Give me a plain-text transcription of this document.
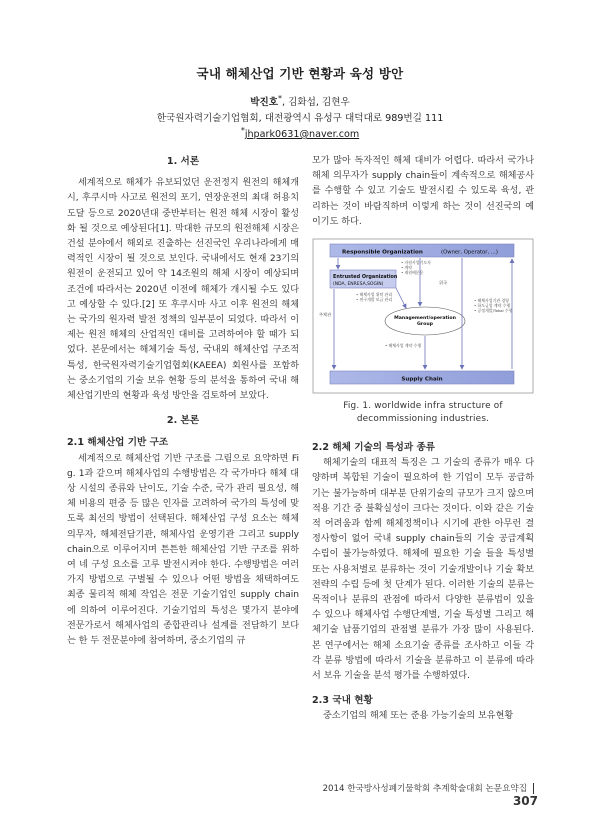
국내 해체산업 기반 현황과 육성 방안
박진호*, 김화섭, 김현우
한국원자력기술기업협회, 대전광역시 유성구 대덕대로 989번길 111
*jhpark0631@naver.com
1. 서론

세계적으로 해체가 유보되었던 운전정지 원전의 해체개시, 후쿠시마 사고로 원전의 포기, 연장운전의 최대 허용치 도달 등으로 2020년대 중반부터는 원전 해체 시장이 활성화 될 것으로 예상된다[1]. 막대한 규모의 원전해체 시장은 건설 분야에서 해외로 진출하는 선진국인 우리나라에게 매력적인 시장이 될 것으로 보인다. 국내에서도 현재 23기의 원전이 운전되고 있어 약 14조원의 해체 시장이 예상되며 조건에 따라서는 2020년 이전에 해체가 개시될 수도 있다고 예상할 수 있다.[2] 또 후쿠시마 사고 이후 원전의 해체는 국가의 원자력 발전 정책의 일부분이 되었다. 따라서 이제는 원전 해체의 산업적인 대비를 고려하여야 할 때가 되었다. 본문에서는 해체기술 특성, 국내외 해체산업 구조적 특성, 한국원자력기술기업협회(KAEEA) 회원사를 포함하는 중소기업의 기술 보유 현황 등의 분석을 통하여 국내 해체산업기반의 현황과 육성 방안을 검토하여 보았다.

2. 본론
2.1 해체산업 기반 구조

세계적으로 해체산업 기반 구조를 그림으로 요약하면 Fig. 1과 같으며 해체사업의 수행방법은 각 국가마다 해체 대상 시설의 종류와 난이도, 기술 수준, 국가 관리 필요성, 해체 비용의 편중 등 많은 인자를 고려하여 국가의 특성에 맞도록 최선의 방법이 선택된다. 해체산업 구성 요소는 해체의무자, 해체전담기관, 해체사업 운영기관 그리고 supply chain으로 이루어지며 튼튼한 해체산업 기반 구조를 위하여 네 구성 요소를 고루 발전시켜야 한다. 수행방법은 여러 가지 방법으로 구별될 수 있으나 어떤 방법을 채택하여도 최종 물리적 해체 작업은 전문 기술기업인 supply chain에 의하여 이루어진다. 기술기업의 특성은 몇가지 분야에 전문가로서 해체사업의 종합관리나 설계를 전담하기 보다는 한 두 전문분야에 참여하며, 중소기업의 규

모가 많아 독자적인 해체 대비가 어렵다. 따라서 국가나 해체 의무자가 supply chain들이 계속적으로 해체공사를 수행할 수 있고 기술도 발전시킬 수 있도록 육성, 관리하는 것이 바람직하며 이렇게 하는 것이 선진국의 예이기도 하다.

Responsible Organization	(Owner, Operator, ...)
Entrusted Organization
(NDA, ENRESA,SOGIN)
• 자원사업기도자
• 계약
• 재원배분운
• 해체사업 위탁 관리
• 연구개발 보급 관리
Management/operation
Group
• 해체사업 계약 수행
• 해체사업기관 경영
• 하도급업 계약 수행
• 공정개발/Tokai 수행
주체관
위국
Supply Chain
Fig. 1. worldwide infra structure of
decommissioning industries.
2.2 해체 기술의 특성과 종류

해체기술의 대표적 특징은 그 기술의 종류가 매우 다양하며 복합된 기술이 필요하여 한 기업이 모두 공급하기는 불가능하며 대부분 단위기술의 규모가 크지 않으며 적용 기간 중 불확실성이 크다는 것이다. 이와 같은 기술적 어려움과 함께 해체정책이나 시기에 관한 아무런 결정사항이 없어 국내 supply chain들의 기술 공급계획 수립이 불가능하였다. 해체에 필요한 기술 들을 특성별 또는 사용처별로 분류하는 것이 기술개발이나 기술 확보전략의 수립 등에 첫 단계가 된다. 이러한 기술의 분류는 목적이나 분류의 관점에 따라서 다양한 분류법이 있을 수 있으나 해체사업 수행단계별, 기술 특성별 그리고 해체기술 납품기업의 관점별 분류가 가장 많이 사용된다. 본 연구에서는 해체 소요기술 종류를 조사하고 이들 각각 분류 방법에 따라서 기술을 분류하고 이 분류에 따라서 보유 기술을 분석 평가를 수행하였다.

2.3 국내 현황

중소기업의 해체 또는 준용 가능기술의 보유현황

2014 한국방사성폐기물학회 추계학술대회 논문요약집307
